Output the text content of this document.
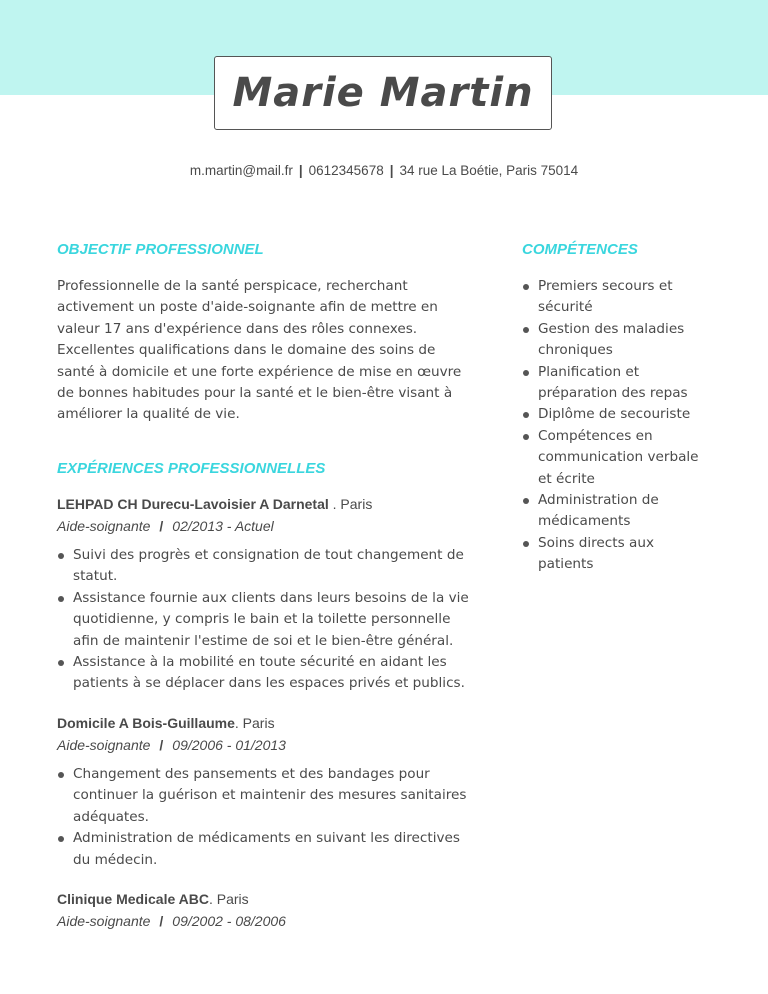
Marie Martin
m.martin@mail.fr | 0612345678 | 34 rue La Boétie, Paris 75014
OBJECTIF PROFESSIONNEL
Professionnelle de la santé perspicace, recherchant activement un poste d'aide-soignante afin de mettre en valeur 17 ans d'expérience dans des rôles connexes. Excellentes qualifications dans le domaine des soins de santé à domicile et une forte expérience de mise en œuvre de bonnes habitudes pour la santé et le bien-être visant à améliorer la qualité de vie.
COMPÉTENCES
Premiers secours et sécurité
Gestion des maladies chroniques
Planification et préparation des repas
Diplôme de secouriste
Compétences en communication verbale et écrite
Administration de médicaments
Soins directs aux patients
EXPÉRIENCES PROFESSIONNELLES
LEHPAD CH Durecu-Lavoisier A Darnetal . Paris
Aide-soignante / 02/2013 - Actuel
Suivi des progrès et consignation de tout changement de statut.
Assistance fournie aux clients dans leurs besoins de la vie quotidienne, y compris le bain et la toilette personnelle afin de maintenir l'estime de soi et le bien-être général.
Assistance à la mobilité en toute sécurité en aidant les patients à se déplacer dans les espaces privés et publics.
Domicile A Bois-Guillaume. Paris
Aide-soignante / 09/2006 - 01/2013
Changement des pansements et des bandages pour continuer la guérison et maintenir des mesures sanitaires adéquates.
Administration de médicaments en suivant les directives du médecin.
Clinique Medicale ABC. Paris
Aide-soignante / 09/2002 - 08/2006
